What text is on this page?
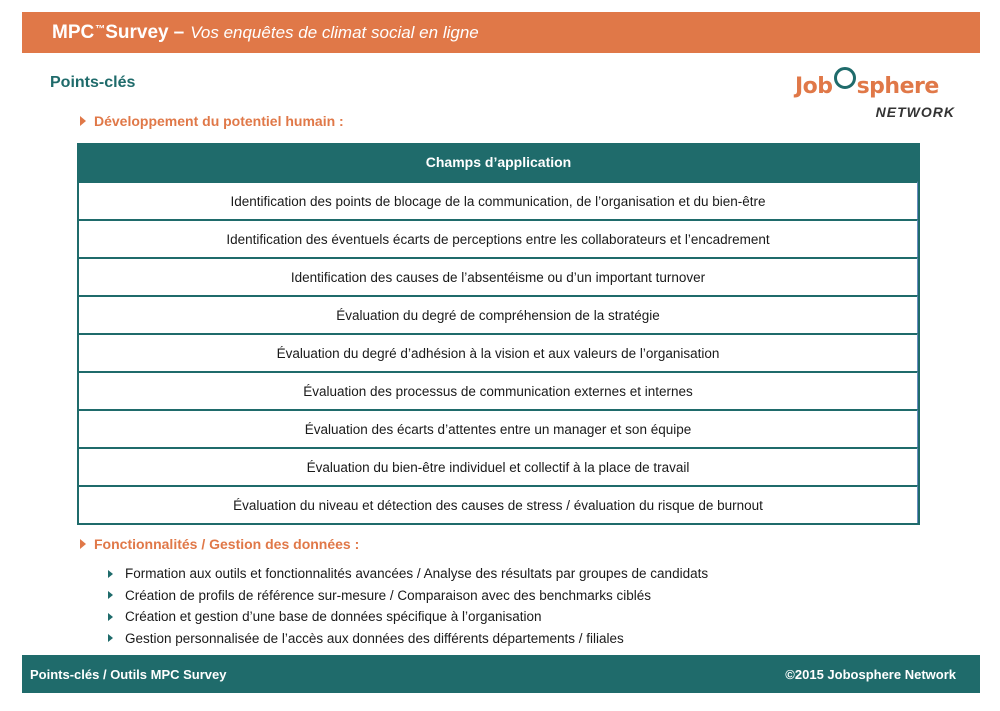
MPC™ Survey – Vos enquêtes de climat social en ligne
Points-clés	Job sphere
NETWORK
Développement du potentiel humain :
Champs d’application
Identification des points de blocage de la communication, de l’organisation et du bien-être
Identification des éventuels écarts de perceptions entre les collaborateurs et l’encadrement
Identification des causes de l’absentéisme ou d’un important turnover
Évaluation du degré de compréhension de la stratégie
Évaluation du degré d’adhésion à la vision et aux valeurs de l’organisation
Évaluation des processus de communication externes et internes
Évaluation des écarts d’attentes entre un manager et son équipe
Évaluation du bien-être individuel et collectif à la place de travail
Évaluation du niveau et détection des causes de stress / évaluation du risque de burnout
Fonctionnalités / Gestion des données :
Formation aux outils et fonctionnalités avancées / Analyse des résultats par groupes de candidats
Création de profils de référence sur-mesure / Comparaison avec des benchmarks ciblés
Création et gestion d’une base de données spécifique à l’organisation
Gestion personnalisée de l’accès aux données des différents départements / filiales
Points-clés / Outils MPC Survey	©2015 Jobosphere Network
